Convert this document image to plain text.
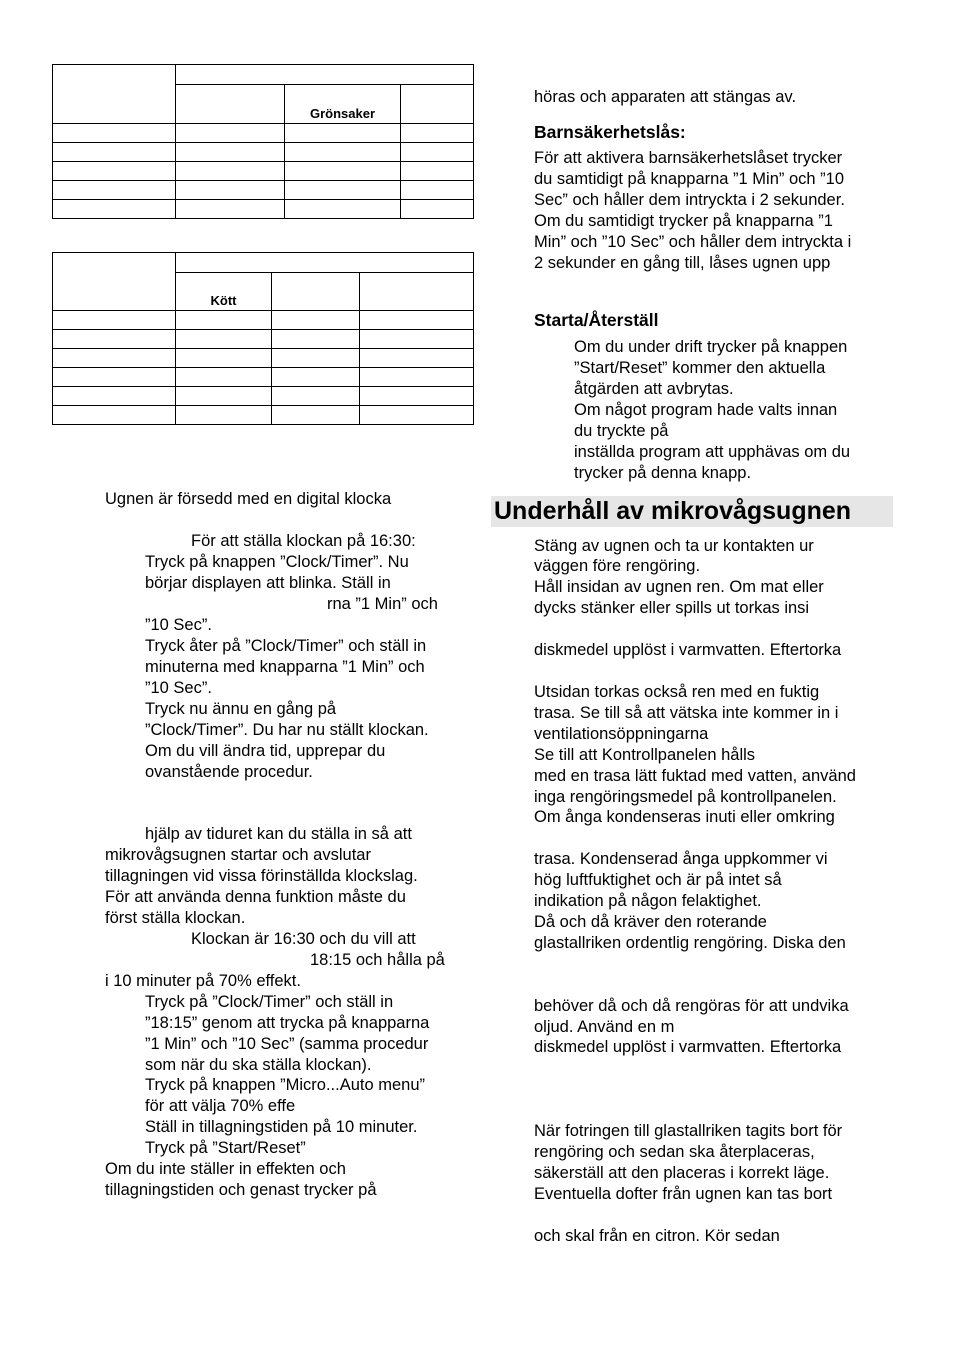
		Grönsaker	

	Kött		

Ugnen är försedd med en digital klocka
För att ställa klockan på 16:30:
Tryck på knappen ”Clock/Timer”. Nu
börjar displayen att blinka. Ställ in
rna ”1 Min” och
”10 Sec”.
Tryck åter på ”Clock/Timer” och ställ in
minuterna med knapparna ”1 Min” och
”10 Sec”.
Tryck nu ännu en gång på
”Clock/Timer”. Du har nu ställt klockan.
Om du vill ändra tid, upprepar du
ovanstående procedur.
hjälp av tiduret kan du ställa in så att
mikrovågsugnen startar och avslutar
tillagningen vid vissa förinställda klockslag.
För att använda denna funktion måste du
först ställa klockan.
Klockan är 16:30 och du vill att
18:15 och hålla på
i 10 minuter på 70% effekt.
Tryck på ”Clock/Timer” och ställ in
”18:15” genom att trycka på knapparna
”1 Min” och ”10 Sec” (samma procedur
som när du ska ställa klockan).
Tryck på knappen ”Micro...Auto menu”
för att välja 70% effe
Ställ in tillagningstiden på 10 minuter.
Tryck på ”Start/Reset”
Om du inte ställer in effekten och
tillagningstiden och genast trycker på
höras och apparaten att stängas av.
Barnsäkerhetslås:
För att aktivera barnsäkerhetslåset trycker
du samtidigt på knapparna ”1 Min” och ”10
Sec” och håller dem intryckta i 2 sekunder.
Om du samtidigt trycker på knapparna ”1
Min” och ”10 Sec” och håller dem intryckta i
2 sekunder en gång till, låses ugnen upp
Starta/Återställ
Om du under drift trycker på knappen
”Start/Reset” kommer den aktuella
åtgärden att avbrytas.
Om något program hade valts innan
du tryckte på
inställda program att upphävas om du
trycker på denna knapp.
Underhåll av mikrovågsugnen
Stäng av ugnen och ta ur kontakten ur
väggen före rengöring.
Håll insidan av ugnen ren. Om mat eller
dycks stänker eller spills ut torkas insi
diskmedel upplöst i varmvatten. Eftertorka
Utsidan torkas också ren med en fuktig
trasa. Se till så att vätska inte kommer in i
ventilationsöppningarna
Se till att Kontrollpanelen hålls
med en trasa lätt fuktad med vatten, använd
inga rengöringsmedel på kontrollpanelen.
Om ånga kondenseras inuti eller omkring
trasa. Kondenserad ånga uppkommer vi
hög luftfuktighet och är på intet så
indikation på någon felaktighet.
Då och då kräver den roterande
glastallriken ordentlig rengöring. Diska den
behöver då och då rengöras för att undvika
oljud. Använd en m
diskmedel upplöst i varmvatten. Eftertorka
När fotringen till glastallriken tagits bort för
rengöring och sedan ska återplaceras,
säkerställ att den placeras i korrekt läge.
Eventuella dofter från ugnen kan tas bort
och skal från en citron. Kör sedan
